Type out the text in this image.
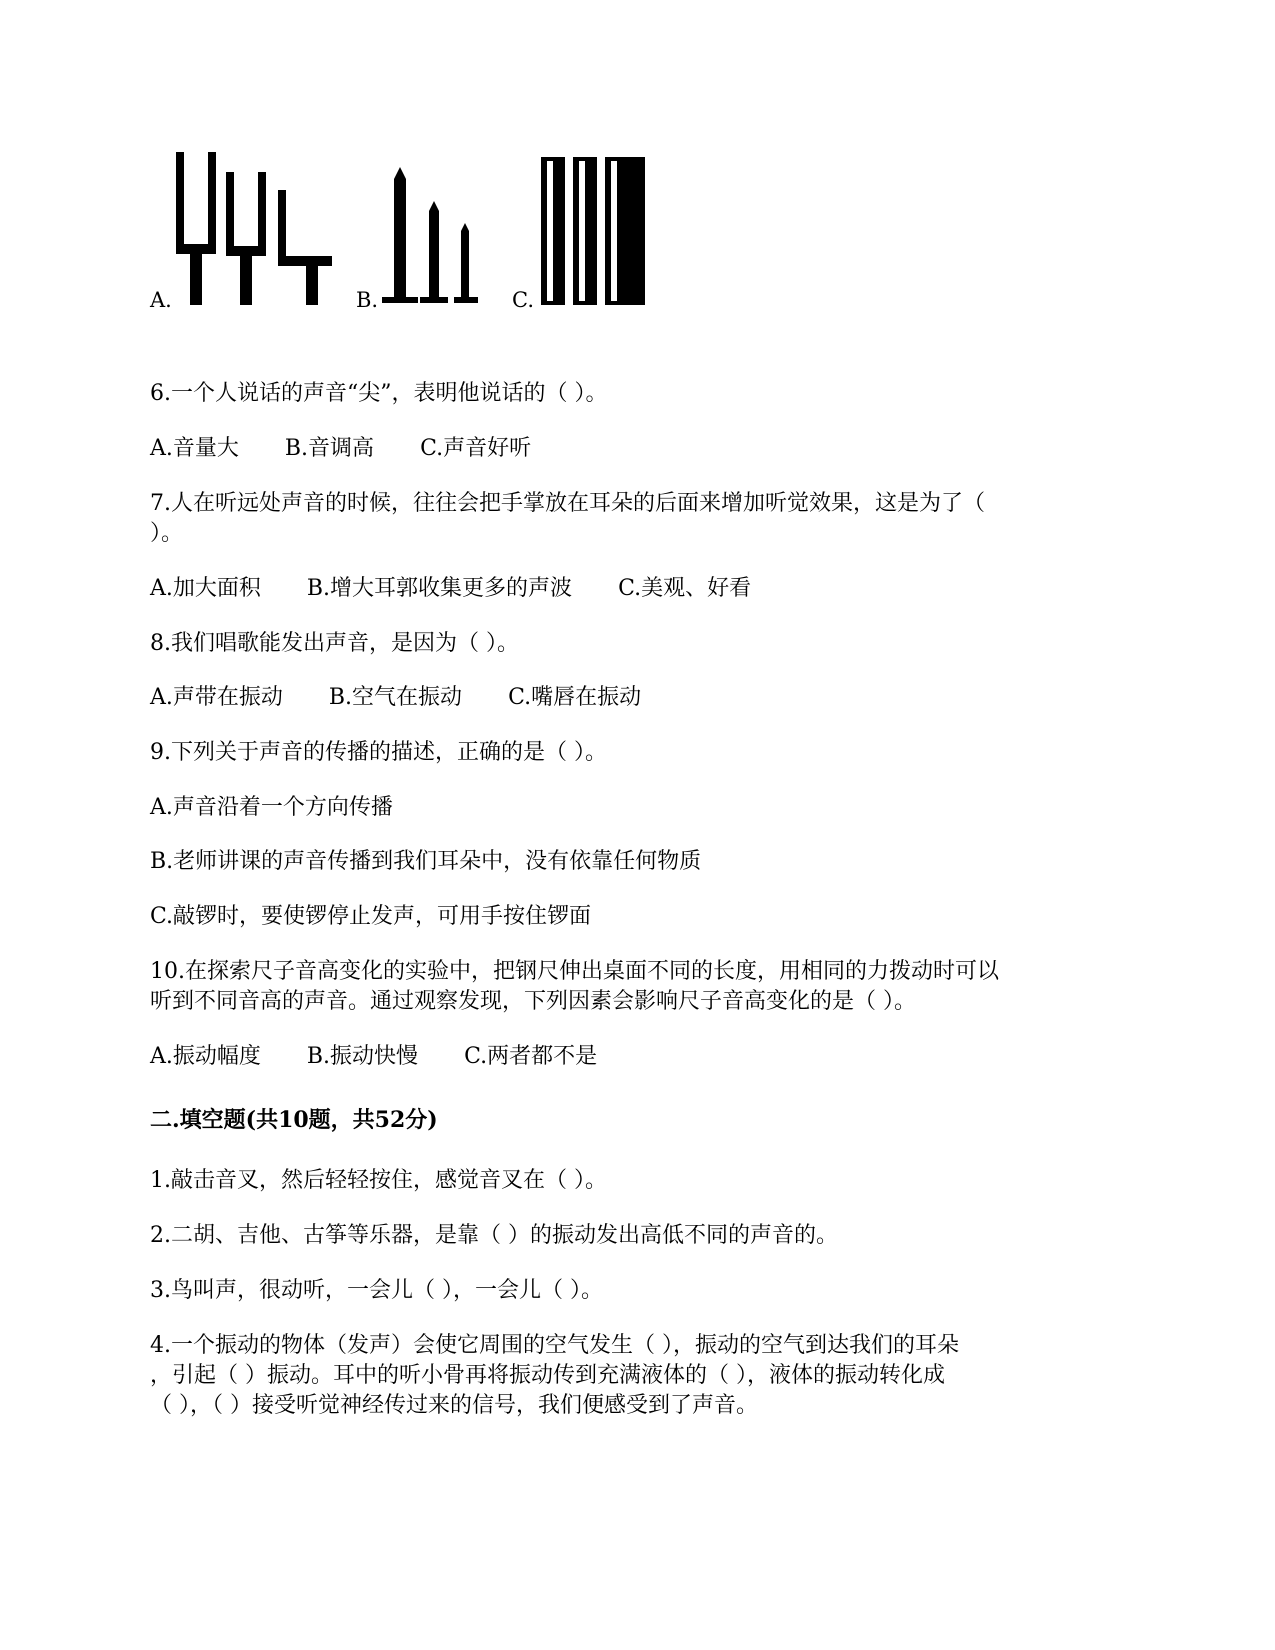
A.	B.	C.
6.一个人说话的声音“尖”，表明他说话的（ ）。
A.音量大 B.音调高 C.声音好听
7.人在听远处声音的时候，往往会把手掌放在耳朵的后面来增加听觉效果，这是为了（
）。
A.加大面积 B.增大耳郭收集更多的声波 C.美观、好看
8.我们唱歌能发出声音，是因为（ ）。
A.声带在振动 B.空气在振动 C.嘴唇在振动
9.下列关于声音的传播的描述，正确的是（ ）。
A.声音沿着一个方向传播
B.老师讲课的声音传播到我们耳朵中，没有依靠任何物质
C.敲锣时，要使锣停止发声，可用手按住锣面
10.在探索尺子音高变化的实验中，把钢尺伸出桌面不同的长度，用相同的力拨动时可以
听到不同音高的声音。通过观察发现，下列因素会影响尺子音高变化的是（ ）。
A.振动幅度 B.振动快慢 C.两者都不是
二.填空题(共10题，共52分)
1.敲击音叉，然后轻轻按住，感觉音叉在（ ）。
2.二胡、吉他、古筝等乐器，是靠（ ）的振动发出高低不同的声音的。
3.鸟叫声，很动听，一会儿（ ），一会儿（ ）。
4.一个振动的物体（发声）会使它周围的空气发生（ ），振动的空气到达我们的耳朵
，引起（ ）振动。耳中的听小骨再将振动传到充满液体的（ ），液体的振动转化成
（ ），（ ）接受听觉神经传过来的信号，我们便感受到了声音。
